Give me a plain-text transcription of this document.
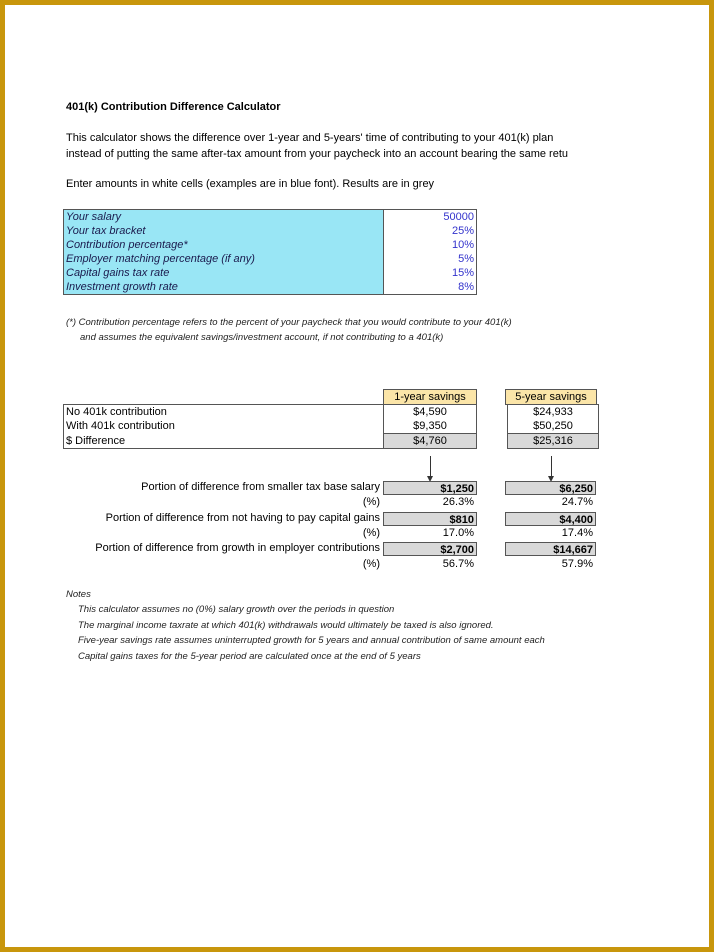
401(k) Contribution Difference Calculator
This calculator shows the difference over 1-year and 5-years' time of contributing to your 401(k) plan
instead of putting the same after-tax amount from your paycheck into an account bearing the same retu
Enter amounts in white cells (examples are in blue font). Results are in grey
Your salary	50000
Your tax bracket	25%
Contribution percentage*	10%
Employer matching percentage (if any)	5%
Capital gains tax rate	15%
Investment growth rate	8%
(*) Contribution percentage refers to the percent of your paycheck that you would contribute to your 401(k)
and assumes the equivalent savings/investment account, if not contributing to a 401(k)
1-year savings	5-year savings
No 401k contribution	$4,590		$24,933
With 401k contribution	$9,350		$50,250
$ Difference	$4,760		$25,316
Portion of difference from smaller tax base salary	$1,250	$6,250
(%)	26.3%	24.7%
Portion of difference from not having to pay capital gains	$810	$4,400
(%)	17.0%	17.4%
Portion of difference from growth in employer contributions	$2,700	$14,667
(%)	56.7%	57.9%
Notes
This calculator assumes no (0%) salary growth over the periods in question
The marginal income taxrate at which 401(k) withdrawals would ultimately be taxed is also ignored.
Five-year savings rate assumes uninterrupted growth for 5 years and annual contribution of same amount each
Capital gains taxes for the 5-year period are calculated once at the end of 5 years
